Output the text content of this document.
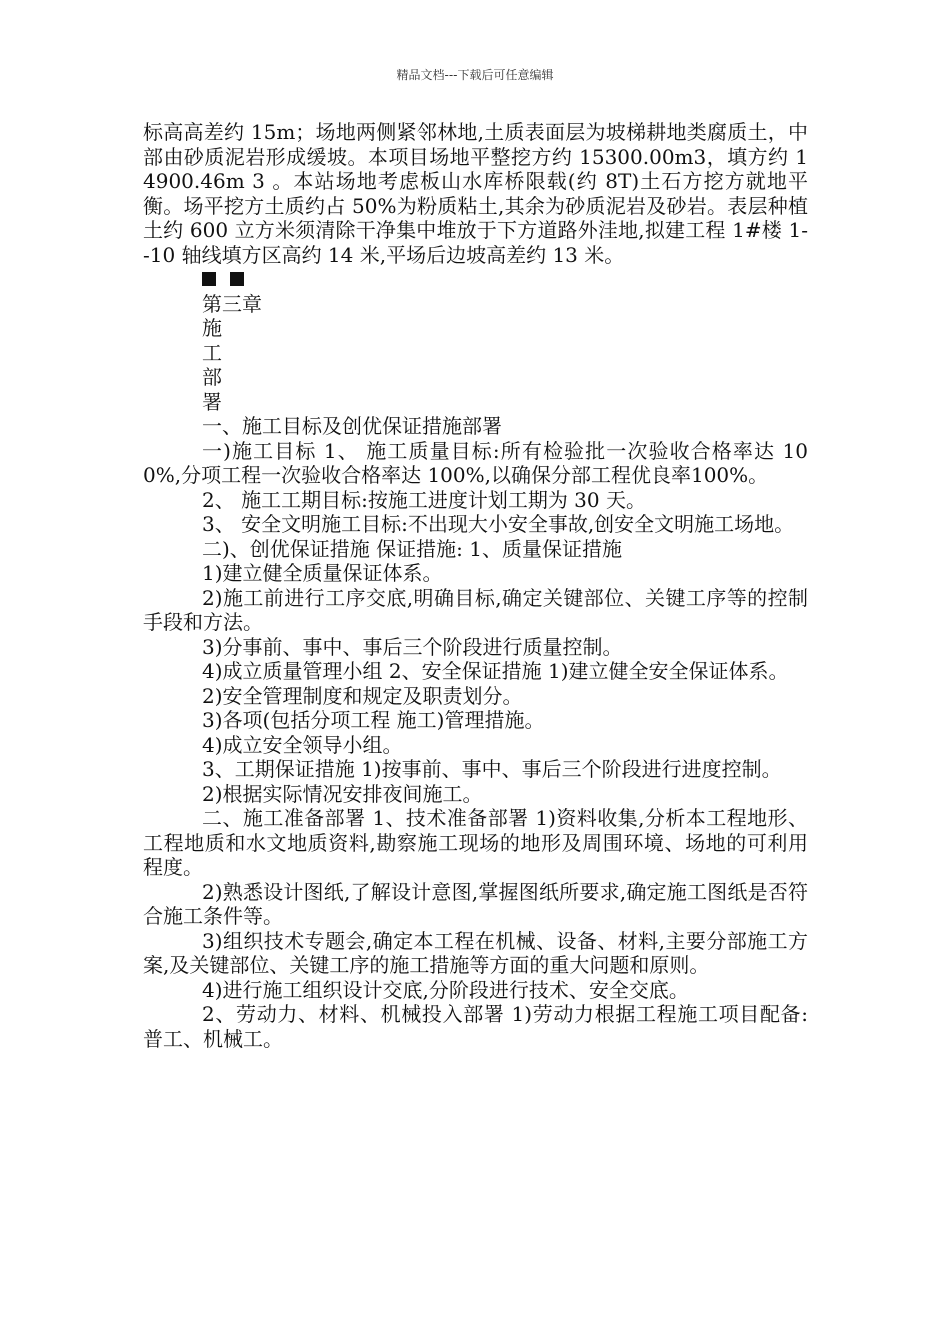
精品文档---下载后可任意编辑

标高高差约 15m；场地两侧紧邻林地,土质表面层为坡梯耕地类腐质土，中部由砂质泥岩形成缓坡。本项目场地平整挖方约 15300.00m3，填方约 14900.46m 3 。本站场地考虑板山水库桥限载(约 8T)土石方挖方就地平衡。场平挖方土质约占 50%为粉质粘土,其余为砂质泥岩及砂岩。表层种植土约 600 立方米须清除干净集中堆放于下方道路外洼地,拟建工程 1#楼 1--10 轴线填方区高约 14 米,平场后边坡高差约 13 米。

第三章

施

工

部

署

一、施工目标及创优保证措施部署

一)施工目标 1、 施工质量目标:所有检验批一次验收合格率达 100%,分项工程一次验收合格率达 100%,以确保分部工程优良率100%。

2、 施工工期目标:按施工进度计划工期为 30 天。

3、 安全文明施工目标:不出现大小安全事故,创安全文明施工场地。

二)、创优保证措施 保证措施: 1、质量保证措施

1)建立健全质量保证体系。

2)施工前进行工序交底,明确目标,确定关键部位、关键工序等的控制手段和方法。

3)分事前、事中、事后三个阶段进行质量控制。

4)成立质量管理小组 2、安全保证措施 1)建立健全安全保证体系。

2)安全管理制度和规定及职责划分。

3)各项(包括分项工程 施工)管理措施。

4)成立安全领导小组。

3、工期保证措施 1)按事前、事中、事后三个阶段进行进度控制。

2)根据实际情况安排夜间施工。

二、施工准备部署 1、技术准备部署 1)资料收集,分析本工程地形、工程地质和水文地质资料,勘察施工现场的地形及周围环境、场地的可利用程度。

2)熟悉设计图纸,了解设计意图,掌握图纸所要求,确定施工图纸是否符合施工条件等。

3)组织技术专题会,确定本工程在机械、设备、材料,主要分部施工方案,及关键部位、关键工序的施工措施等方面的重大问题和原则。

4)进行施工组织设计交底,分阶段进行技术、安全交底。

2、劳动力、材料、机械投入部署 1)劳动力根据工程施工项目配备:普工、机械工。
